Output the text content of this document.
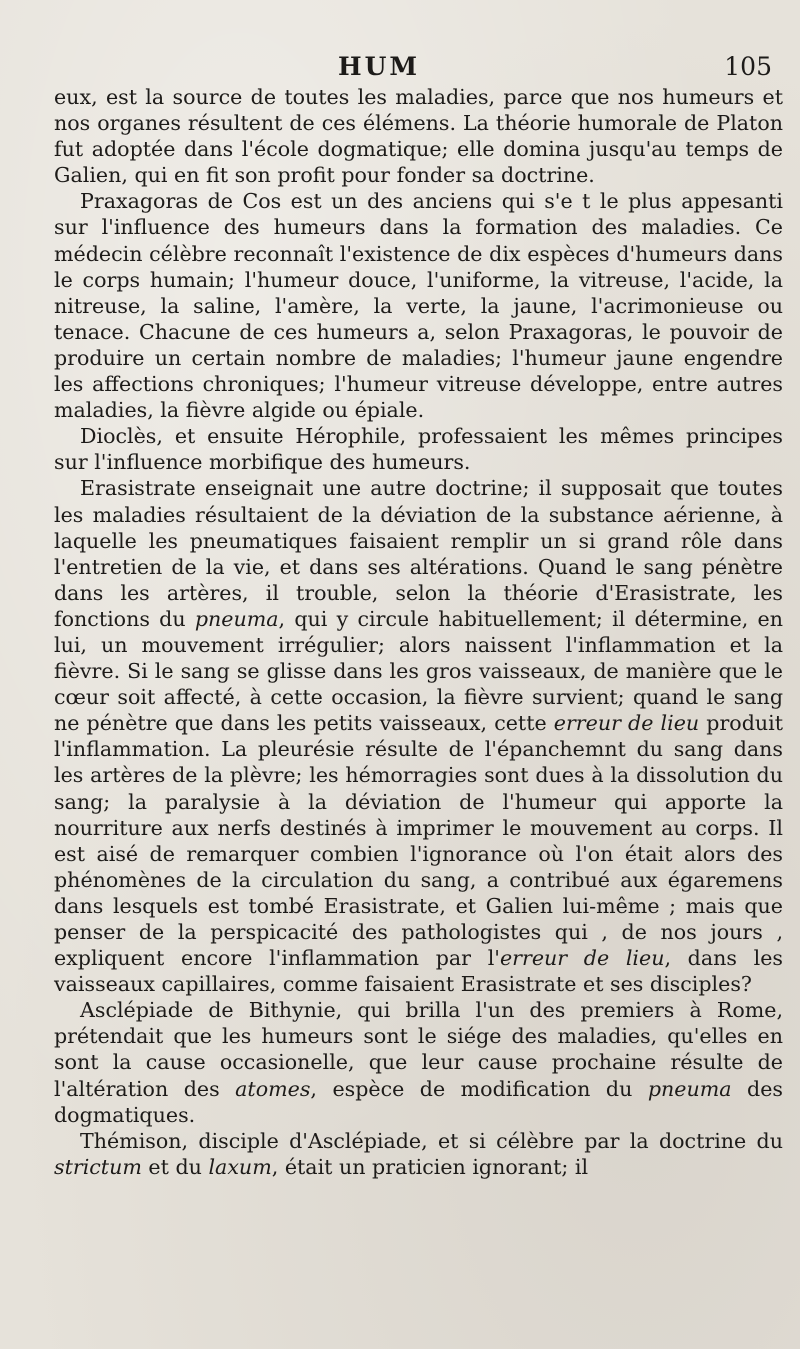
HUM	105

eux, est la source de toutes les maladies, parce que nos humeurs et nos organes résultent de ces élémens. La théorie humorale de Platon fut adoptée dans l'école dogmatique; elle domina jusqu'au temps de Galien, qui en fit son profit pour fonder sa doctrine.

Praxagoras de Cos est un des anciens qui s'e t le plus appesanti sur l'influence des humeurs dans la formation des maladies. Ce médecin célèbre reconnaît l'existence de dix espèces d'humeurs dans le corps humain; l'humeur douce, l'uniforme, la vitreuse, l'acide, la nitreuse, la saline, l'amère, la verte, la jaune, l'acrimonieuse ou tenace. Chacune de ces humeurs a, selon Praxagoras, le pouvoir de produire un certain nombre de maladies; l'humeur jaune engendre les affections chroniques; l'humeur vitreuse développe, entre autres maladies, la fièvre algide ou épiale.

Dioclès, et ensuite Hérophile, professaient les mêmes principes sur l'influence morbifique des humeurs.

Erasistrate enseignait une autre doctrine; il supposait que toutes les maladies résultaient de la déviation de la substance aérienne, à laquelle les pneumatiques faisaient remplir un si grand rôle dans l'entretien de la vie, et dans ses altérations. Quand le sang pénètre dans les artères, il trouble, selon la théorie d'Erasistrate, les fonctions du pneuma, qui y circule habituellement; il détermine, en lui, un mouvement irrégulier; alors naissent l'inflammation et la fièvre. Si le sang se glisse dans les gros vaisseaux, de manière que le cœur soit affecté, à cette occasion, la fièvre survient; quand le sang ne pénètre que dans les petits vaisseaux, cette erreur de lieu produit l'inflammation. La pleurésie résulte de l'épanchemnt du sang dans les artères de la plèvre; les hémorragies sont dues à la dissolution du sang; la paralysie à la déviation de l'humeur qui apporte la nourriture aux nerfs destinés à imprimer le mouvement au corps. Il est aisé de remarquer combien l'ignorance où l'on était alors des phénomènes de la circulation du sang, a contribué aux égaremens dans lesquels est tombé Erasistrate, et Galien lui-même ; mais que penser de la perspicacité des pathologistes qui , de nos jours , expliquent encore l'inflammation par l'erreur de lieu, dans les vaisseaux capillaires, comme faisaient Erasistrate et ses disciples?

Asclépiade de Bithynie, qui brilla l'un des premiers à Rome, prétendait que les humeurs sont le siége des maladies, qu'elles en sont la cause occasionelle, que leur cause prochaine résulte de l'altération des atomes, espèce de modification du pneuma des dogmatiques.

Thémison, disciple d'Asclépiade, et si célèbre par la doctrine du strictum et du laxum, était un praticien ignorant; il
